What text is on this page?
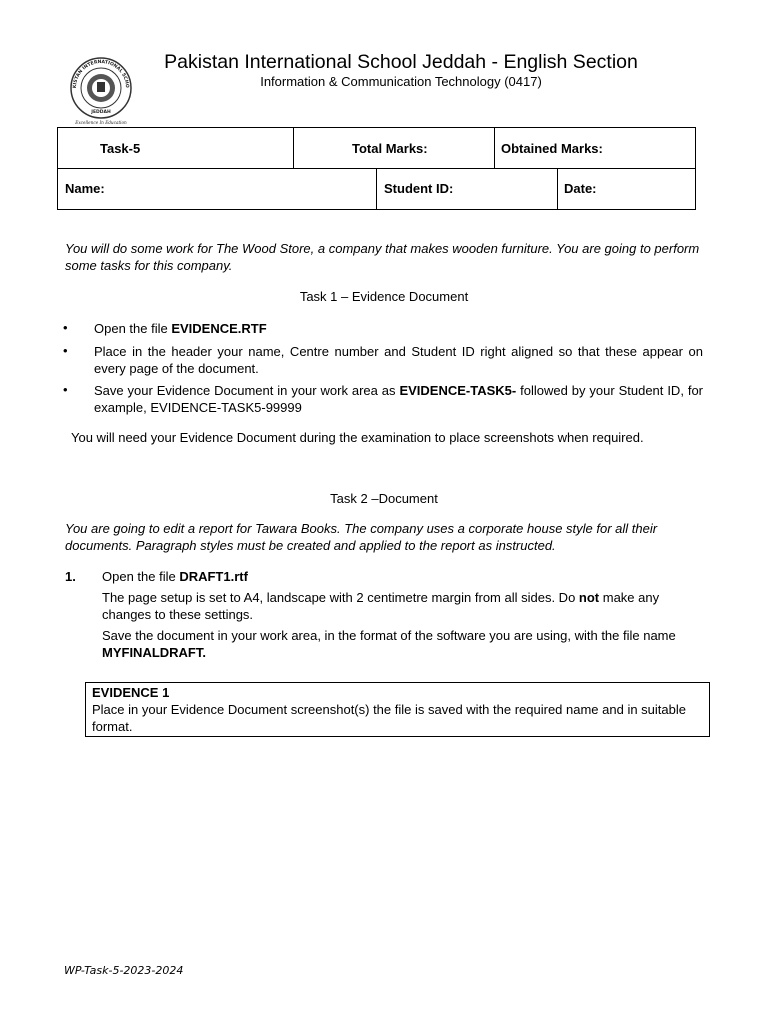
KISTAN INTERNATIONAL SCHO
JEDDAH
Excellence In Education
Pakistan International School Jeddah - English Section
Information & Communication Technology (0417)
Task-5	Total Marks:	Obtained Marks:
Name:	Student ID:	Date:
You will do some work for The Wood Store, a company that makes wooden furniture. You are going to perform some tasks for this company.
Task 1 – Evidence Document
• Open the file EVIDENCE.RTF
• Place in the header your name, Centre number and Student ID right aligned so that these appear on every page of the document.
• Save your Evidence Document in your work area as EVIDENCE-TASK5- followed by your Student ID, for example, EVIDENCE-TASK5-99999
You will need your Evidence Document during the examination to place screenshots when required.
Task 2 –Document
You are going to edit a report for Tawara Books. The company uses a corporate house style for all their documents. Paragraph styles must be created and applied to the report as instructed.
1. Open the file DRAFT1.rtf
The page setup is set to A4, landscape with 2 centimetre margin from all sides. Do not make any changes to these settings.
Save the document in your work area, in the format of the software you are using, with the file name MYFINALDRAFT.
EVIDENCE 1
Place in your Evidence Document screenshot(s) the file is saved with the required name and in suitable format.
WP-Task-5-2023-2024
